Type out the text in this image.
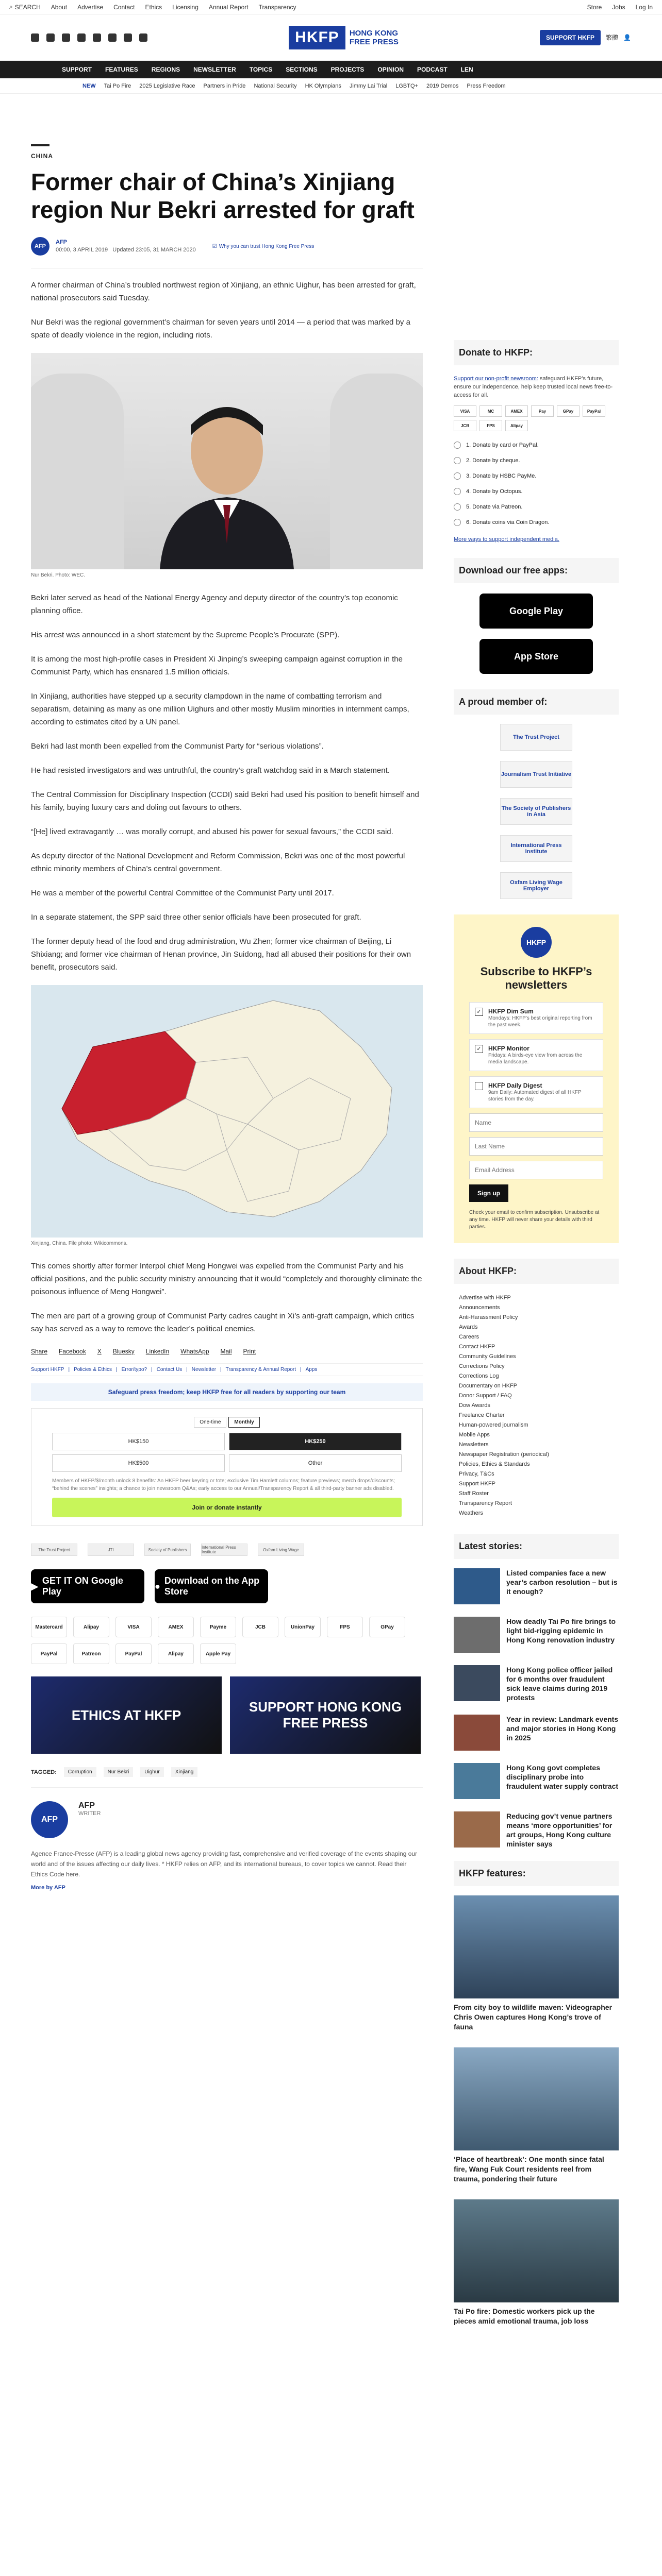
⌕ SEARCH About Advertise Contact Ethics Licensing Annual Report Transparency	Store Jobs Log In
HKFP	HONG KONG
FREE PRESS	SUPPORT HKFP	繁體 👤
SUPPORT FEATURES REGIONS NEWSLETTER TOPICS SECTIONS PROJECTS OPINION PODCAST LEN
NEW Tai Po Fire 2025 Legislative Race Partners in Pride National Security HK Olympians Jimmy Lai Trial LGBTQ+ 2019 Demos Press Freedom
CHINA
Former chair of China’s Xinjiang region Nur Bekri arrested for graft
AFP
AFP
00:00, 3 APRIL 2019 Updated 23:05, 31 MARCH 2020
☑ Why you can trust Hong Kong Free Press

A former chairman of China’s troubled northwest region of Xinjiang, an ethnic Uighur, has been arrested for graft, national prosecutors said Tuesday.

Nur Bekri was the regional government’s chairman for seven years until 2014 — a period that was marked by a spate of deadly violence in the region, including riots.

Nur Bekri. Photo: WEC.

Bekri later served as head of the National Energy Agency and deputy director of the country’s top economic planning office.

His arrest was announced in a short statement by the Supreme People’s Procurate (SPP).

It is among the most high-profile cases in President Xi Jinping’s sweeping campaign against corruption in the Communist Party, which has ensnared 1.5 million officials.

In Xinjiang, authorities have stepped up a security clampdown in the name of combatting terrorism and separatism, detaining as many as one million Uighurs and other mostly Muslim minorities in internment camps, according to estimates cited by a UN panel.

Bekri had last month been expelled from the Communist Party for “serious violations”.

He had resisted investigators and was untruthful, the country’s graft watchdog said in a March statement.

The Central Commission for Disciplinary Inspection (CCDI) said Bekri had used his position to benefit himself and his family, buying luxury cars and doling out favours to others.

“[He] lived extravagantly … was morally corrupt, and abused his power for sexual favours,” the CCDI said.

As deputy director of the National Development and Reform Commission, Bekri was one of the most powerful ethnic minority members of China’s central government.

He was a member of the powerful Central Committee of the Communist Party until 2017.

In a separate statement, the SPP said three other senior officials have been prosecuted for graft.

The former deputy head of the food and drug administration, Wu Zhen; former vice chairman of Beijing, Li Shixiang; and former vice chairman of Henan province, Jin Suidong, had all abused their positions for their own benefit, prosecutors said.

Xinjiang, China. File photo: Wikicommons.

This comes shortly after former Interpol chief Meng Hongwei was expelled from the Communist Party and his official positions, and the public security ministry announcing that it would “completely and thoroughly eliminate the poisonous influence of Meng Hongwei”.

The men are part of a growing group of Communist Party cadres caught in Xi’s anti-graft campaign, which critics say has served as a way to remove the leader’s political enemies.

Share Facebook X Bluesky LinkedIn WhatsApp Mail Print
Support HKFP | Policies & Ethics | Error/typo? | Contact Us | Newsletter | Transparency & Annual Report | Apps
Safeguard press freedom; keep HKFP free for all readers by supporting our team
One-time	Monthly
HK$150	HK$250
HK$500	Other
Members of HKFP/$/month unlock 8 benefits: An HKFP beer keyring or tote; exclusive Tim Hamlett columns; feature previews; merch drops/discounts; “behind the scenes” insights; a chance to join newsroom Q&As; early access to our Annual/Transparency Report & all third-party banner ads disabled.
Join or donate instantly
The Trust Project	JTI	Society of Publishers	International Press Institute	Oxfam Living Wage
▶
GET IT ON Google Play
●
Download on the App Store
Mastercard	Alipay	VISA	AMEX	Payme	JCB	UnionPay	FPS	GPay
PayPal	Patreon	PayPal	Alipay	Apple Pay
ETHICS AT HKFP
SUPPORT HONG KONG FREE PRESS
TAGGED:	Corruption	Nur Bekri	Uighur	Xinjiang
AFP
AFP
WRITER
Agence France-Presse (AFP) is a leading global news agency providing fast, comprehensive and verified coverage of the events shaping our world and of the issues affecting our daily lives. * HKFP relies on AFP, and its international bureaus, to cover topics we cannot. Read their Ethics Code here.
More by AFP
Donate to HKFP:
Support our non-profit newsroom: safeguard HKFP’s future, ensure our independence, help keep trusted local news free-to-access for all.
VISA	MC	AMEX	Pay	GPay	PayPal
JCB	FPS	Alipay
1. Donate by card or PayPal.
2. Donate by cheque.
3. Donate by HSBC PayMe.
4. Donate by Octopus.
5. Donate via Patreon.
6. Donate coins via Coin Dragon.
More ways to support independent media.
Download our free apps:
Google Play
App Store
A proud member of:
The Trust Project
Journalism Trust Initiative
The Society of Publishers in Asia
International Press Institute
Oxfam Living Wage Employer
HKFP
Subscribe to HKFP’s newsletters
✓ HKFP Dim Sum
Mondays: HKFP’s best original reporting from the past week.
✓ HKFP Monitor
Fridays: A birds-eye view from across the media landscape.
HKFP Daily Digest
9am Daily: Automated digest of all HKFP stories from the day.
Name Last Name Email Address Sign up
Check your email to confirm subscription. Unsubscribe at any time. HKFP will never share your details with third parties.
About HKFP:
Advertise with HKFP
Announcements
Anti-Harassment Policy
Awards
Careers
Contact HKFP
Community Guidelines
Corrections Policy
Corrections Log
Documentary on HKFP
Donor Support / FAQ
Dow Awards
Freelance Charter
Human-powered journalism
Mobile Apps
Newsletters
Newspaper Registration (periodical)
Policies, Ethics & Standards
Privacy, T&Cs
Support HKFP
Staff Roster
Transparency Report
Weathers
Latest stories:
Listed companies face a new year’s carbon resolution – but is it enough?
How deadly Tai Po fire brings to light bid-rigging epidemic in Hong Kong renovation industry
Hong Kong police officer jailed for 6 months over fraudulent sick leave claims during 2019 protests
Year in review: Landmark events and major stories in Hong Kong in 2025
Hong Kong govt completes disciplinary probe into fraudulent water supply contract
Reducing gov’t venue partners means ‘more opportunities’ for art groups, Hong Kong culture minister says
HKFP features:
From city boy to wildlife maven: Videographer Chris Owen captures Hong Kong’s trove of fauna
‘Place of heartbreak’: One month since fatal fire, Wang Fuk Court residents reel from trauma, pondering their future
Tai Po fire: Domestic workers pick up the pieces amid emotional trauma, job loss
